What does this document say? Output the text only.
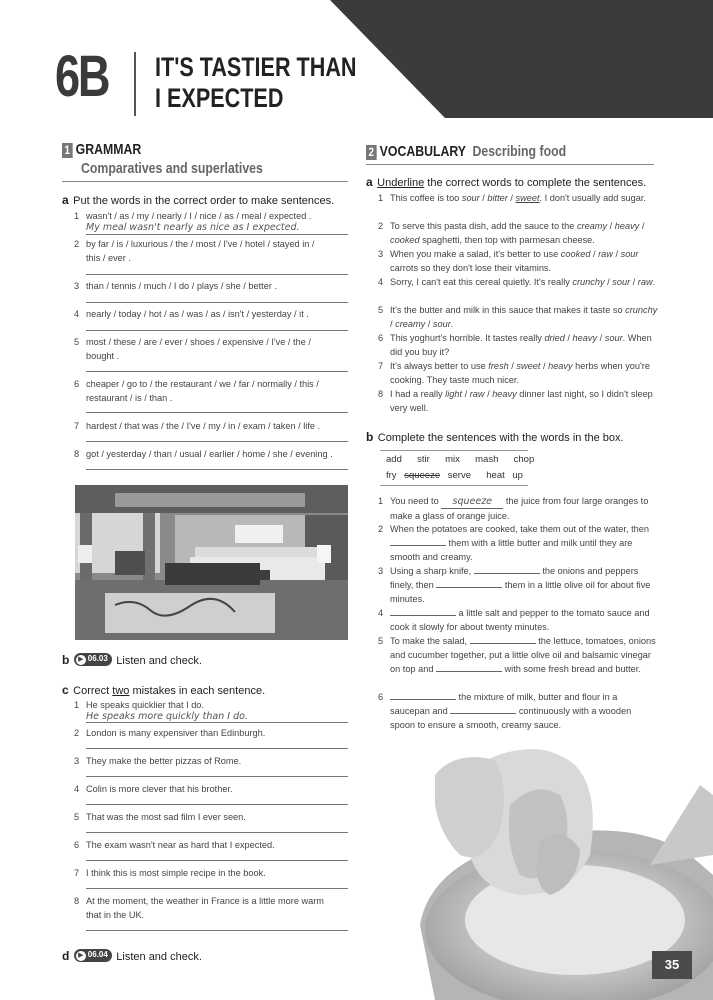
6B IT'S TASTIER THAN
I EXPECTED
1 GRAMMAR
Comparatives and superlatives
a Put the words in the correct order to make sentences.
1 wasn't / as / my / nearly / I / nice / as / meal / expected .
My meal wasn't nearly as nice as I expected.
2 by far / is / luxurious / the / most / I've / hotel / stayed in /
this / ever .
3 than / tennis / much / I do / plays / she / better .
4 nearly / today / hot / as / was / as / isn't / yesterday / it .
5 most / these / are / ever / shoes / expensive / I've / the /
bought .
6 cheaper / go to / the restaurant / we / far / normally / this /
restaurant / is / than .
7 hardest / that was / the / I've / my / in / exam / taken / life .
8 got / yesterday / than / usual / earlier / home / she / evening .
b ▶ 06.03 Listen and check.
c Correct two mistakes in each sentence.
1 He speaks quicklier that I do.
He speaks more quickly than I do.
2 London is many expensiver than Edinburgh.
3 They make the better pizzas of Rome.
4 Colin is more clever that his brother.
5 That was the most sad film I ever seen.
6 The exam wasn't near as hard that I expected.
7 I think this is most simple recipe in the book.
8 At the moment, the weather in France is a little more warm
that in the UK.
d ▶ 06.04 Listen and check.
2 VOCABULARY Describing food
a Underline the correct words to complete the sentences.
1 This coffee is too sour / bitter / sweet. I don't usually add sugar.
2 To serve this pasta dish, add the sauce to the creamy / heavy / cooked spaghetti, then top with parmesan cheese.
3 When you make a salad, it's better to use cooked / raw / sour carrots so they don't lose their vitamins.
4 Sorry, I can't eat this cereal quietly. It's really crunchy / sour / raw.
5 It's the butter and milk in this sauce that makes it taste so crunchy / creamy / sour.
6 This yoghurt's horrible. It tastes really dried / heavy / sour. When did you buy it?
7 It's always better to use fresh / sweet / heavy herbs when you're cooking. They taste much nicer.
8 I had a really light / raw / heavy dinner last night, so I didn't sleep very well.
b Complete the sentences with the words in the box.
add  stir  mix  mash  chop
fry squeeze serve  heat up
1 You need to squeeze the juice from four large oranges to make a glass of orange juice.
2 When the potatoes are cooked, take them out of the water, then  them with a little butter and milk until they are smooth and creamy.
3 Using a sharp knife,	the onions and peppers finely, then	them in a little olive oil for about five minutes.
4	a little salt and pepper to the tomato sauce and cook it slowly for about twenty minutes.
5 To make the salad,	the lettuce, tomatoes, onions and cucumber together, put a little olive oil and balsamic vinegar on top and	with some fresh bread and butter.
6	the mixture of milk, butter and flour in a saucepan and	continuously with a wooden spoon to ensure a smooth, creamy sauce.
35
